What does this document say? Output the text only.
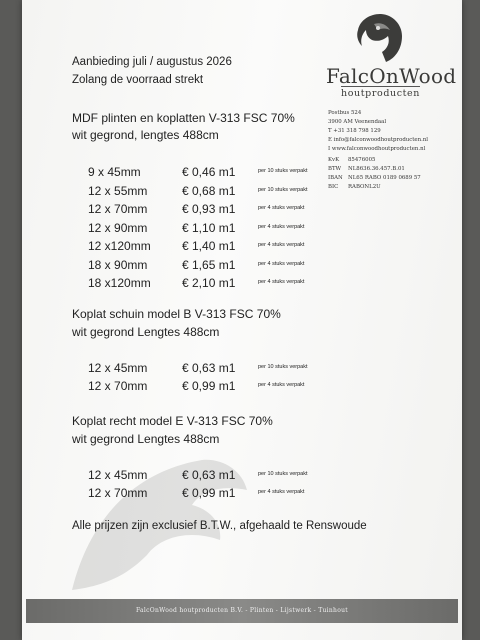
Aanbieding juli / augustus 2026
Zolang de voorraad strekt	FalcOnWood
houtproducten
Postbus 524
3900 AM Veenendaal
T +31 318 798 129
E info@falconwoodhoutproducten.nl
I www.falconwoodhoutproducten.nl
KvK 85476005
BTW NL8636.36.457.B.01
IBAN NL65 RABO 0189 0689 57
BIC RABONL2U
MDF plinten en koplatten V-313 FSC 70%
wit gegrond, lengtes 488cm
9 x 45mm	€ 0,46 m1	per 10 stuks verpakt
12 x 55mm	€ 0,68 m1	per 10 stuks verpakt
12 x 70mm	€ 0,93 m1	per 4 stuks verpakt
12 x 90mm	€ 1,10 m1	per 4 stuks verpakt
12 x120mm	€ 1,40 m1	per 4 stuks verpakt
18 x 90mm	€ 1,65 m1	per 4 stuks verpakt
18 x120mm	€ 2,10 m1	per 4 stuks verpakt
Koplat schuin model B V-313 FSC 70%
wit gegrond Lengtes 488cm
12 x 45mm	€ 0,63 m1	per 10 stuks verpakt
12 x 70mm	€ 0,99 m1	per 4 stuks verpakt
Koplat recht model E V-313 FSC 70%
wit gegrond Lengtes 488cm
12 x 45mm	€ 0,63 m1	per 10 stuks verpakt
12 x 70mm	€ 0,99 m1	per 4 stuks verpakt
Alle prijzen zijn exclusief B.T.W., afgehaald te Renswoude
FalcOnWood houtproducten B.V. - Plinten - Lijstwerk - Tuinhout
